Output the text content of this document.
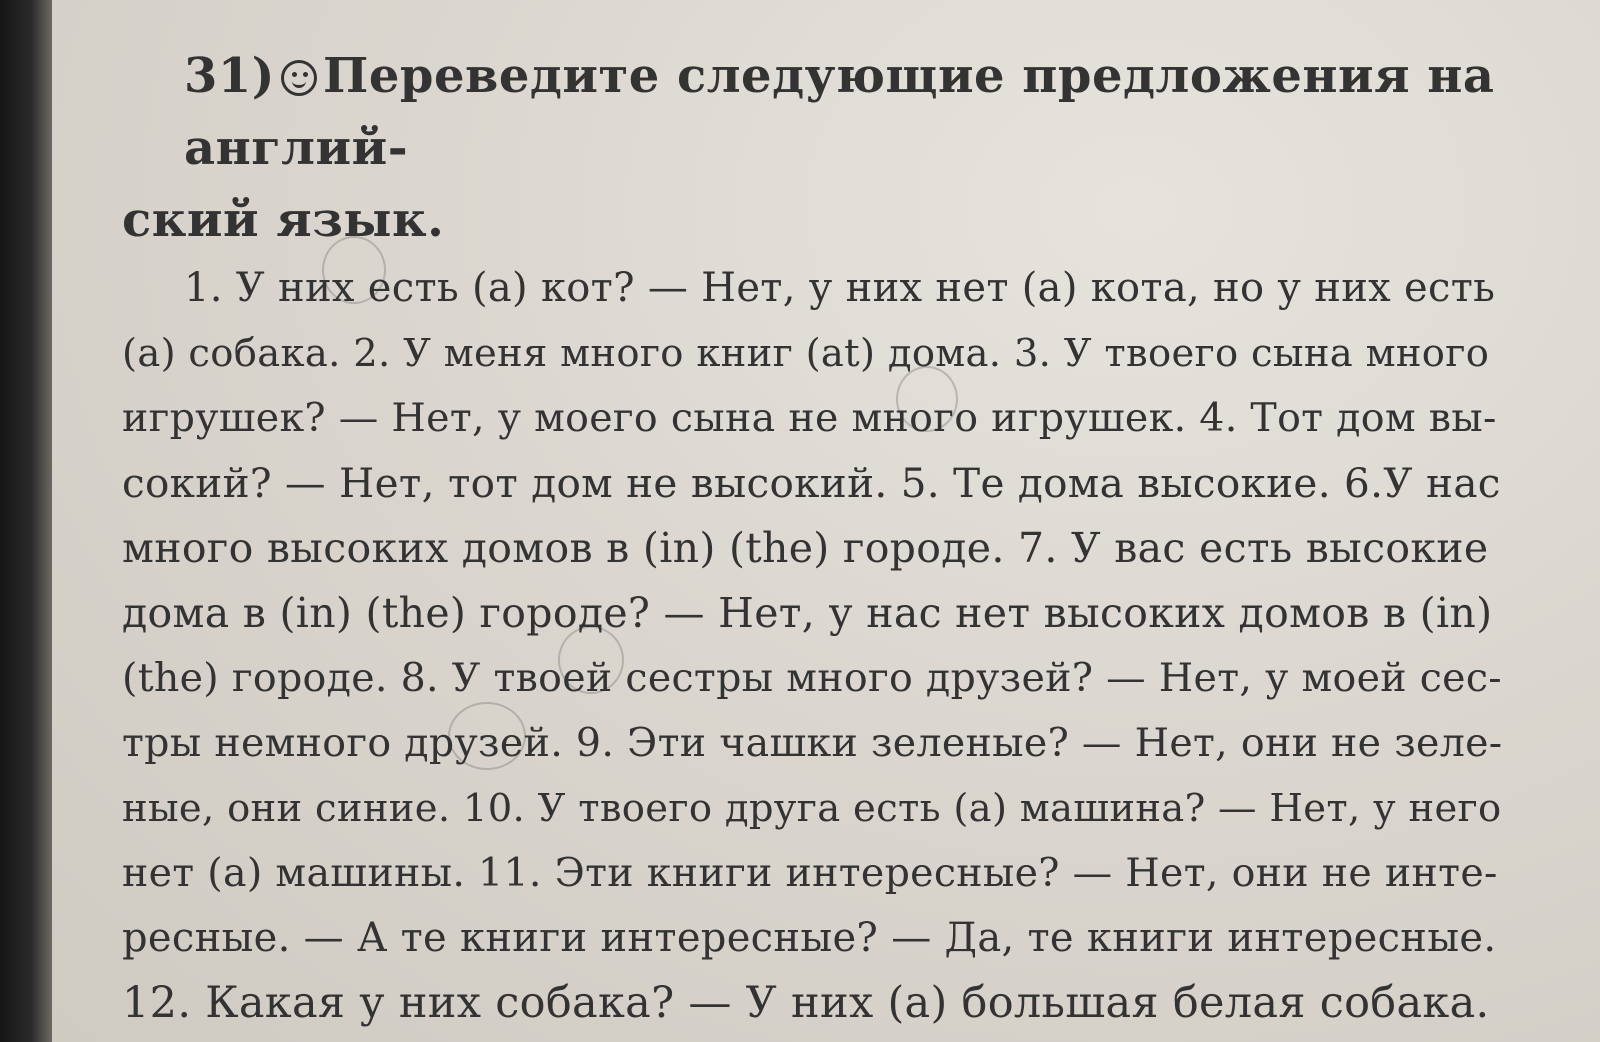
31) Переведите следующие предложения на англий-

ский язык.

1. У них есть (а) кот? — Нет, у них нет (а) кота, но у них есть

(а) собака. 2. У меня много книг (at) дома. 3. У твоего сына много

игрушек? — Нет, у моего сына не много игрушек. 4. Тот дом вы-

сокий? — Нет, тот дом не высокий. 5. Те дома высокие. 6.У нас

много высоких домов в (in) (the) городе. 7. У вас есть высокие

дома в (in) (the) городе? — Нет, у нас нет высоких домов в (in)

(the) городе. 8. У твоей сестры много друзей? — Нет, у моей сес-

тры немного друзей. 9. Эти чашки зеленые? — Нет, они не зеле-

ные, они синие. 10. У твоего друга есть (а) машина? — Нет, у него

нет (а) машины. 11. Эти книги интересные? — Нет, они не инте-

ресные. — А те книги интересные? — Да, те книги интересные.

12. Какая у них собака? — У них (а) большая белая собака.
